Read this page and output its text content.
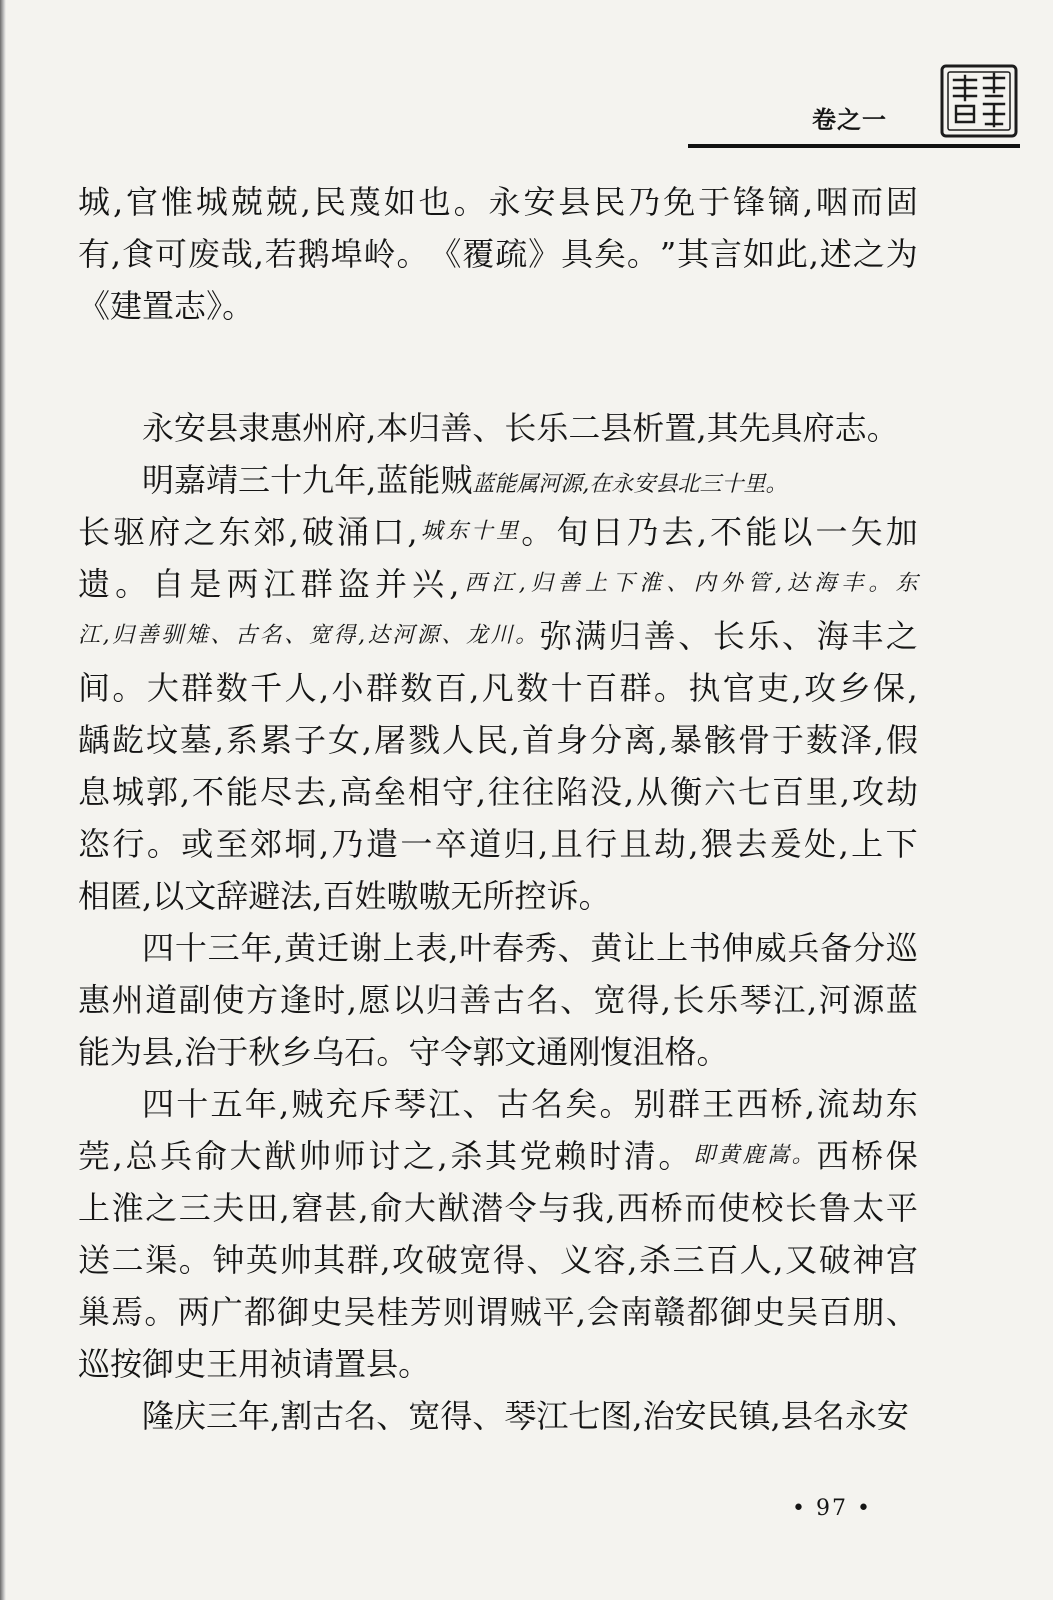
卷之一
城 , 官 惟 城 兢 兢 , 民 蔑 如 也 。 永 安 县 民 乃 免 于 锋 镝 , 咽 而 固
有 , 食 可 废 哉 , 若 鹅 埠 岭 。 《 覆 疏 》 具 矣 。 ” 其 言 如 此 , 述 之 为
《建置志》。
永安县隶惠州府,本归善、长乐二县析置,其先具府志。
明嘉靖三十九年,蓝能贼蓝能属河源,在永安县北三十里。
长 驱 府 之 东 郊 , 破 涌 口 , 城 东 十 里 。 旬 日 乃 去 , 不 能 以 一 矢 加
遗 。 自 是 两 江 群 盗 并 兴 , 西 江 , 归 善 上 下 淮 、 内 外 管 , 达 海 丰 。 东
江 , 归 善 驯 雉 、 古 名 、 宽 得 , 达 河 源 、 龙 川 。 弥 满 归 善 、 长 乐 、 海 丰 之
间 。 大 群 数 千 人 , 小 群 数 百 , 凡 数 十 百 群 。 执 官 吏 , 攻 乡 保 ,
龋 龁 坟 墓 , 系 累 子 女 , 屠 戮 人 民 , 首 身 分 离 , 暴 骸 骨 于 薮 泽 , 假
息 城 郭 , 不 能 尽 去 , 高 垒 相 守 , 往 往 陷 没 , 从 衡 六 七 百 里 , 攻 劫
恣 行 。 或 至 郊 垌 , 乃 遣 一 卒 道 归 , 且 行 且 劫 , 猥 去 爰 处 , 上 下
相匿,以文辞避法,百姓嗷嗷无所控诉。
四 十 三 年 , 黄 迁 谢 上 表 , 叶 春 秀 、 黄 让 上 书 伸 威 兵 备 分 巡
惠 州 道 副 使 方 逢 时 , 愿 以 归 善 古 名 、 宽 得 , 长 乐 琴 江 , 河 源 蓝
能为县,治于秋乡乌石。守令郭文通刚愎沮格。
四 十 五 年 , 贼 充 斥 琴 江 、 古 名 矣 。 别 群 王 西 桥 , 流 劫 东
莞 , 总 兵 俞 大 猷 帅 师 讨 之 , 杀 其 党 赖 时 清 。 即 黄 鹿 嵩 。 西 桥 保
上 淮 之 三 夫 田 , 窘 甚 , 俞 大 猷 潜 令 与 我 , 西 桥 而 使 校 长 鲁 太 平
送 二 渠 。 钟 英 帅 其 群 , 攻 破 宽 得 、 义 容 , 杀 三 百 人 , 又 破 神 宫
巢 焉 。 两 广 都 御 史 吴 桂 芳 则 谓 贼 平 , 会 南 赣 都 御 史 吴 百 朋 、
巡按御史王用祯请置县。
隆庆三年,割古名、宽得、琴江七图,治安民镇,县名永安
• 97 •
